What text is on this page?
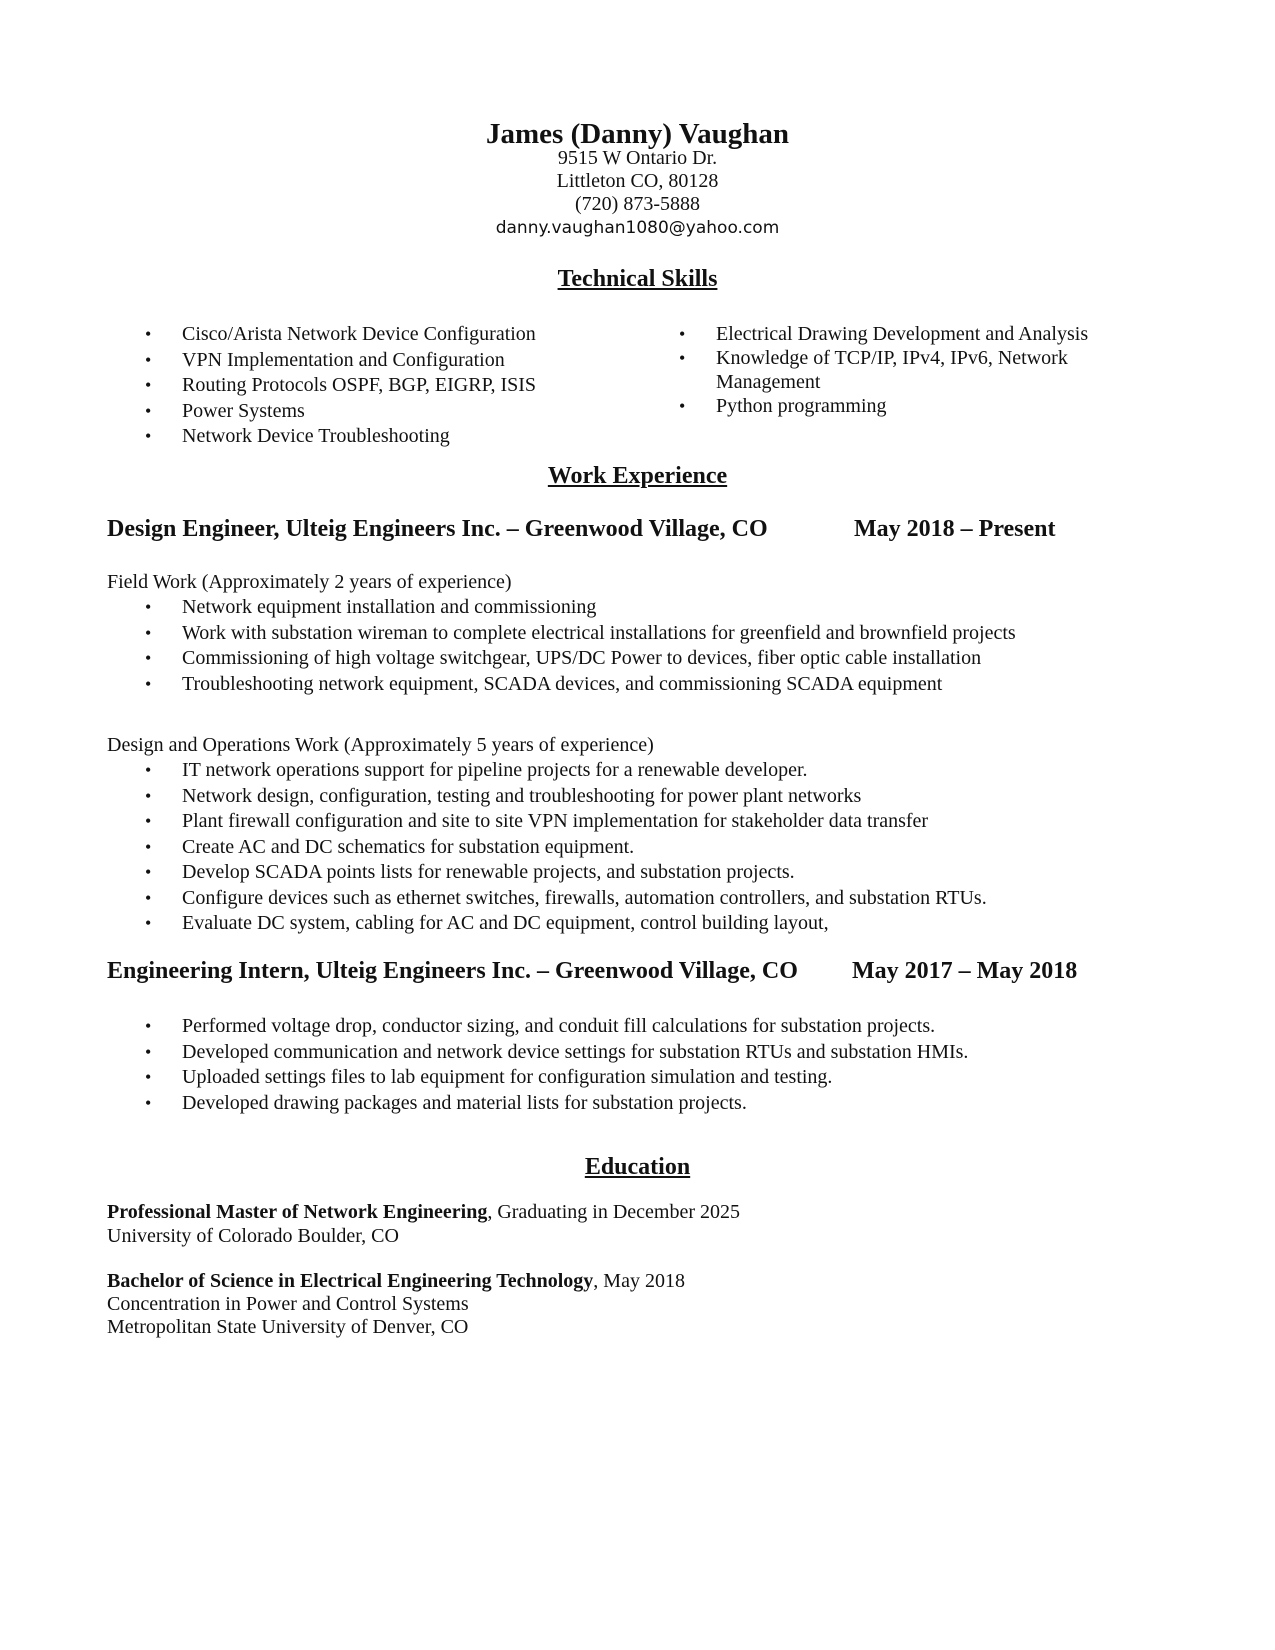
James (Danny) Vaughan
9515 W Ontario Dr.
Littleton CO, 80128
(720) 873-5888
danny.vaughan1080@yahoo.com
Technical Skills
• Cisco/Arista Network Device Configuration
• VPN Implementation and Configuration
• Routing Protocols OSPF, BGP, EIGRP, ISIS
• Power Systems
• Network Device Troubleshooting
• Electrical Drawing Development and Analysis
• Knowledge of TCP/IP, IPv4, IPv6, Network Management
• Python programming
Work Experience
Design Engineer, Ulteig Engineers Inc. – Greenwood Village, CO	May 2018 – Present
Field Work (Approximately 2 years of experience)
• Network equipment installation and commissioning
• Work with substation wireman to complete electrical installations for greenfield and brownfield projects
• Commissioning of high voltage switchgear, UPS/DC Power to devices, fiber optic cable installation
• Troubleshooting network equipment, SCADA devices, and commissioning SCADA equipment
Design and Operations Work (Approximately 5 years of experience)
• IT network operations support for pipeline projects for a renewable developer.
• Network design, configuration, testing and troubleshooting for power plant networks
• Plant firewall configuration and site to site VPN implementation for stakeholder data transfer
• Create AC and DC schematics for substation equipment.
• Develop SCADA points lists for renewable projects, and substation projects.
• Configure devices such as ethernet switches, firewalls, automation controllers, and substation RTUs.
• Evaluate DC system, cabling for AC and DC equipment, control building layout,
Engineering Intern, Ulteig Engineers Inc. – Greenwood Village, CO May 2017 – May 2018
• Performed voltage drop, conductor sizing, and conduit fill calculations for substation projects.
• Developed communication and network device settings for substation RTUs and substation HMIs.
• Uploaded settings files to lab equipment for configuration simulation and testing.
• Developed drawing packages and material lists for substation projects.
Education
Professional Master of Network Engineering, Graduating in December 2025
University of Colorado Boulder, CO
Bachelor of Science in Electrical Engineering Technology, May 2018
Concentration in Power and Control Systems
Metropolitan State University of Denver, CO
